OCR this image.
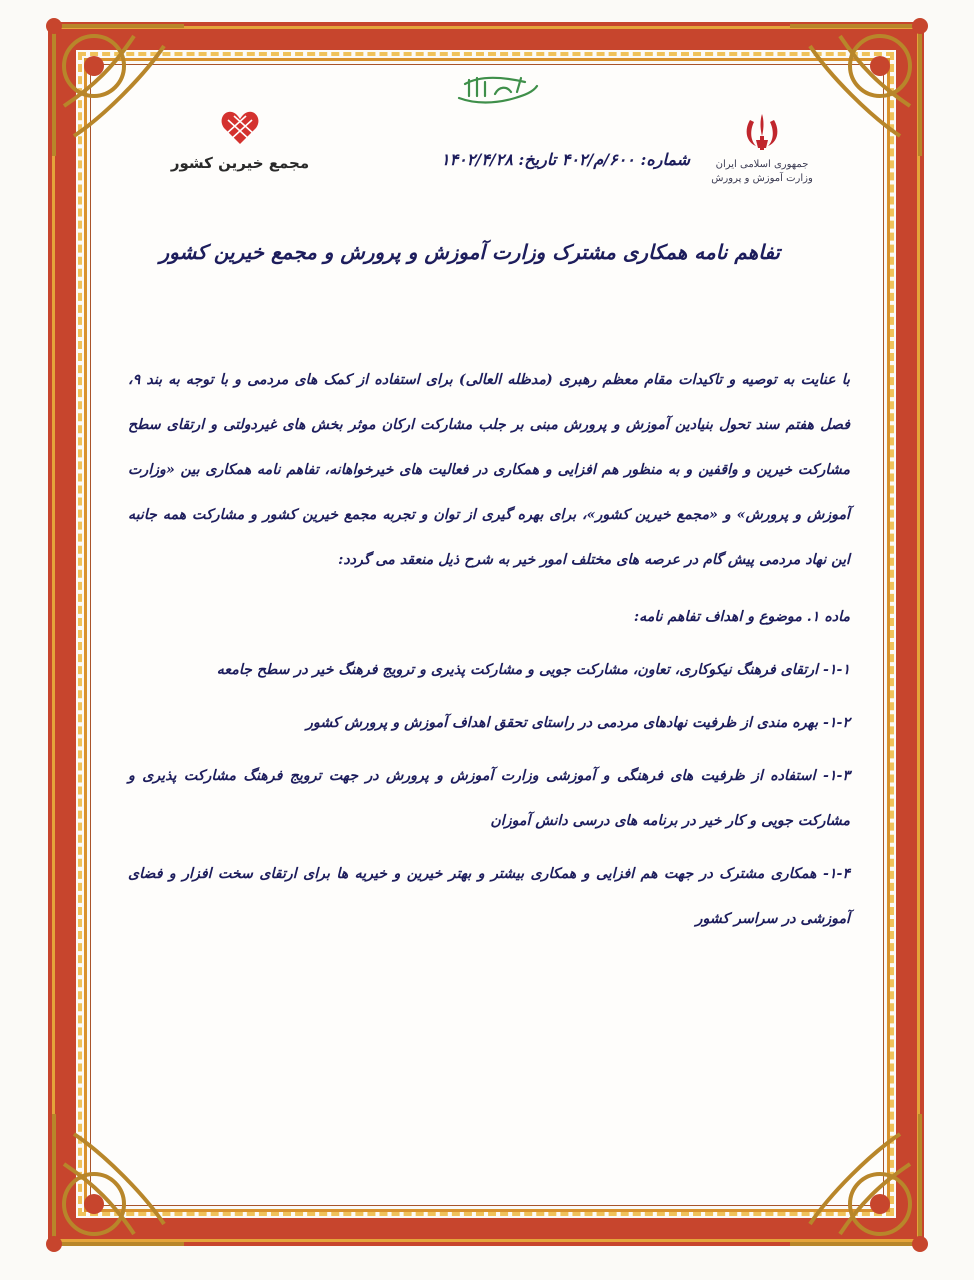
جمهوری اسلامی ایران
وزارت آموزش و پرورش
مجمع خیرین کشور	شماره: ۶۰۰/م/۴۰۲ تاریخ: ۱۴۰۲/۴/۲۸
تفاهم نامه همکاری مشترک وزارت آموزش و پرورش و مجمع خیرین کشور

با عنایت به توصیه و تاکیدات مقام معظم رهبری (مدظله العالی) برای استفاده از کمک های مردمی و با توجه به بند ۹، فصل هفتم سند تحول بنیادین آموزش و پرورش مبنی بر جلب مشارکت ارکان موثر بخش های غیردولتی و ارتقای سطح مشارکت خیرین و واقفین و به منظور هم افزایی و همکاری در فعالیت های خیرخواهانه، تفاهم نامه همکاری بین «وزارت آموزش و پرورش» و «مجمع خیرین کشور»، برای بهره گیری از توان و تجربه مجمع خیرین کشور و مشارکت همه جانبه این نهاد مردمی پیش گام در عرصه های مختلف امور خیر به شرح ذیل منعقد می گردد:

ماده ۱. موضوع و اهداف تفاهم نامه:

۱-۱- ارتقای فرهنگ نیکوکاری، تعاون، مشارکت جویی و مشارکت پذیری و ترویج فرهنگ خیر در سطح جامعه

۱-۲- بهره مندی از ظرفیت نهادهای مردمی در راستای تحقق اهداف آموزش و پرورش کشور

۱-۳- استفاده از ظرفیت های فرهنگی و آموزشی وزارت آموزش و پرورش در جهت ترویج فرهنگ مشارکت پذیری و مشارکت جویی و کار خیر در برنامه های درسی دانش آموزان

۱-۴- همکاری مشترک در جهت هم افزایی و همکاری بیشتر و بهتر خیرین و خیریه ها برای ارتقای سخت افزار و فضای آموزشی در سراسر کشور
